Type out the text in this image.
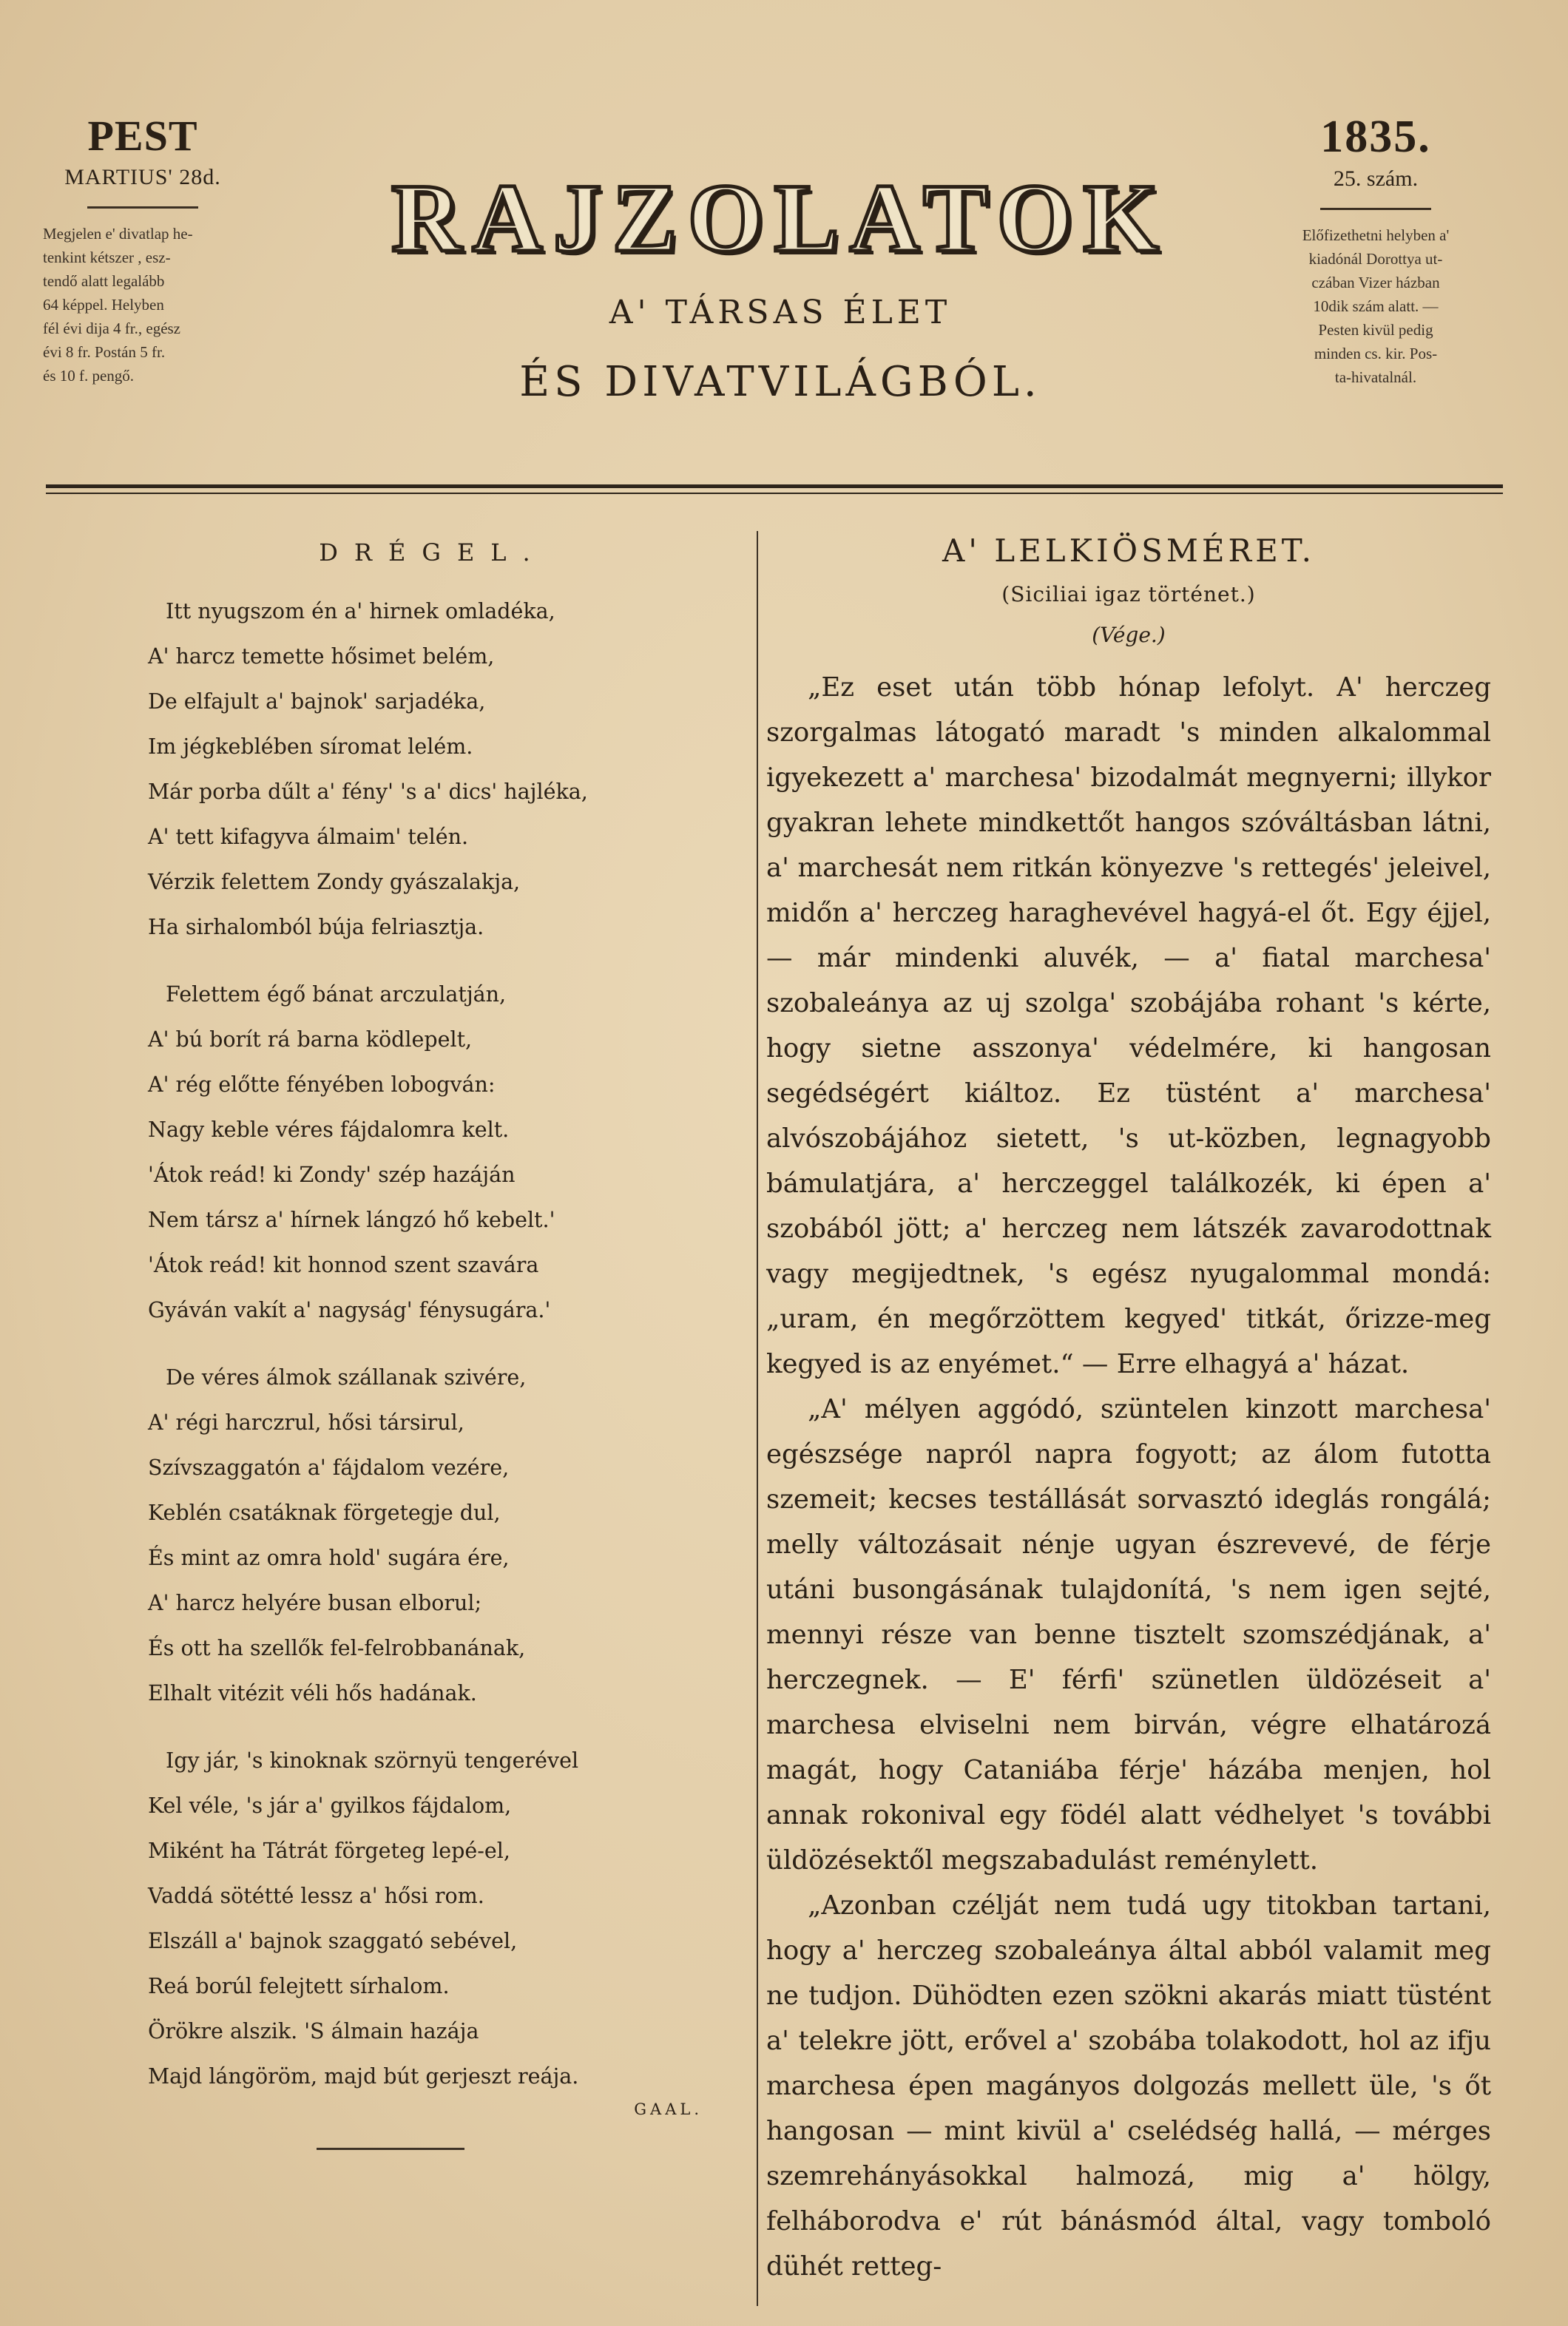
PEST
MARTIUS' 28d.
Megjelen e' divatlap he-
tenkint kétszer , esz-
tendő alatt legalább
64 képpel. Helyben
fél évi dija 4 fr., egész
évi 8 fr. Postán 5 fr.
és 10 f. pengő.
RAJZOLATOK
A' TÁRSAS ÉLET
ÉS DIVATVILÁGBÓL.
1835.
25. szám.
Előfizethetni helyben a'
kiadónál Dorottya ut-
czában Vizer házban
10dik szám alatt. —
Pesten kivül pedig
minden cs. kir. Pos-
ta-hivatalnál.
DRÉGEL.
Itt nyugszom én a' hirnek omladéka,
A' harcz temette hősimet belém,
De elfajult a' bajnok' sarjadéka,
Im jégkeblében síromat lelém.
Már porba dűlt a' fény' 's a' dics' hajléka,
A' tett kifagyva álmaim' telén.
Vérzik felettem Zondy gyászalakja,
Ha sirhalomból búja felriasztja.
Felettem égő bánat arczulatján,
A' bú borít rá barna ködlepelt,
A' rég előtte fényében lobogván:
Nagy keble véres fájdalomra kelt.
'Átok reád! ki Zondy' szép hazáján
Nem társz a' hírnek lángzó hő kebelt.'
'Átok reád! kit honnod szent szavára
Gyáván vakít a' nagyság' fénysugára.'
De véres álmok szállanak szivére,
A' régi harczrul, hősi társirul,
Szívszaggatón a' fájdalom vezére,
Keblén csatáknak förgetegje dul,
És mint az omra hold' sugára ére,
A' harcz helyére busan elborul;
És ott ha szellők fel-felrobbanának,
Elhalt vitézit véli hős hadának.
Igy jár, 's kinoknak szörnyü tengerével
Kel véle, 's jár a' gyilkos fájdalom,
Miként ha Tátrát förgeteg lepé-el,
Vaddá sötétté lessz a' hősi rom.
Elszáll a' bajnok szaggató sebével,
Reá borúl felejtett sírhalom.
Örökre alszik. 'S álmain hazája
Majd lángöröm, majd bút gerjeszt reája.
GAAL.
A' LELKIÖSMÉRET.
(Siciliai igaz történet.)
(Vége.)
„Ez eset után több hónap lefolyt. A' herczeg szorgalmas látogató maradt 's minden alkalommal igyekezett a' marchesa' bizodalmát megnyerni; illykor gyakran lehete mindkettőt hangos szóváltásban látni, a' marchesát nem ritkán könyezve 's rettegés' jeleivel, midőn a' herczeg haraghevével hagyá-el őt. Egy éjjel, — már mindenki aluvék, — a' fiatal marchesa' szobaleánya az uj szolga' szobájába rohant 's kérte, hogy sietne asszonya' védelmére, ki hangosan segédségért kiáltoz. Ez tüstént a' marchesa' alvószobájához sietett, 's ut-közben, legnagyobb bámulatjára, a' herczeggel találkozék, ki épen a' szobából jött; a' herczeg nem látszék zavarodottnak vagy megijedtnek, 's egész nyugalommal mondá: „uram, én megőrzöttem kegyed' titkát, őrizze-meg kegyed is az enyémet.“ — Erre elhagyá a' házat.
„A' mélyen aggódó, szüntelen kinzott marchesa' egészsége napról napra fogyott; az álom futotta szemeit; kecses testállását sorvasztó ideglás rongálá; melly változásait nénje ugyan észrevevé, de férje utáni busongásának tulajdonítá, 's nem igen sejté, mennyi része van benne tisztelt szomszédjának, a' herczegnek. — E' férfi' szünetlen üldözéseit a' marchesa elviselni nem birván, végre elhatározá magát, hogy Cataniába férje' házába menjen, hol annak rokonival egy födél alatt védhelyet 's további üldözésektől megszabadulást reménylett.
„Azonban czélját nem tudá ugy titokban tartani, hogy a' herczeg szobaleánya által abból valamit meg ne tudjon. Dühödten ezen szökni akarás miatt tüstént a' telekre jött, erővel a' szobába tolakodott, hol az ifju marchesa épen magányos dolgozás mellett üle, 's őt hangosan — mint kivül a' cselédség hallá, — mérges szemrehányásokkal halmozá, mig a' hölgy, felháborodva e' rút bánásmód által, vagy tomboló dühét retteg-
